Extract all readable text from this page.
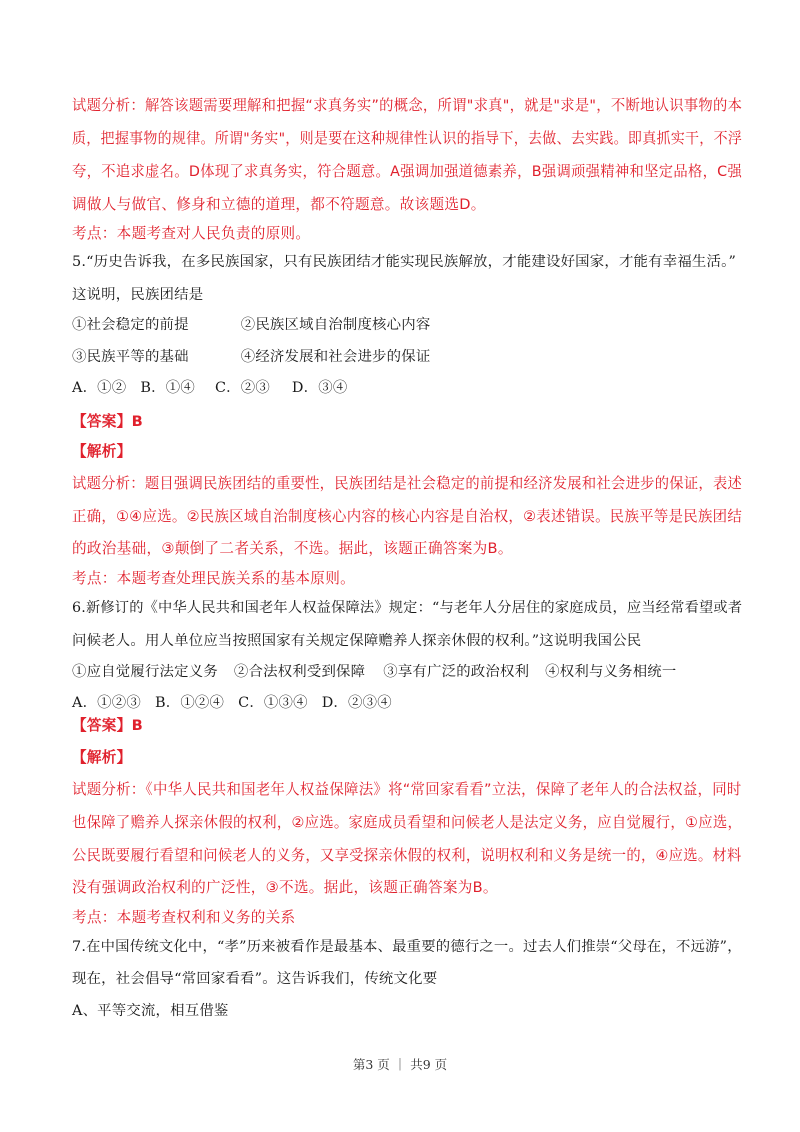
试题分析：解答该题需要理解和把握“求真务实”的概念，所谓"求真"，就是"求是"，不断地认识事物的本
质，把握事物的规律。所谓"务实"，则是要在这种规律性认识的指导下，去做、去实践。即真抓实干，不浮
夸，不追求虚名。D体现了求真务实，符合题意。A强调加强道德素养，B强调顽强精神和坚定品格，C强
调做人与做官、修身和立德的道理，都不符题意。故该题选D。
考点：本题考查对人民负责的原则。
5.“历史告诉我，在多民族国家，只有民族团结才能实现民族解放，才能建设好国家，才能有幸福生活。”
这说明，民族团结是
①社会稳定的前提	②民族区域自治制度核心内容
③民族平等的基础	④经济发展和社会进步的保证
A．①② B．①④ C．②③ D．③④
【答案】B
【解析】
试题分析：题目强调民族团结的重要性，民族团结是社会稳定的前提和经济发展和社会进步的保证，表述
正确，①④应选。②民族区域自治制度核心内容的核心内容是自治权，②表述错误。民族平等是民族团结
的政治基础，③颠倒了二者关系，不选。据此，该题正确答案为B。
考点：本题考查处理民族关系的基本原则。
6.新修订的《中华人民共和国老年人权益保障法》规定：“与老年人分居住的家庭成员，应当经常看望或者
问候老人。用人单位应当按照国家有关规定保障赡养人探亲休假的权利。”这说明我国公民
①应自觉履行法定义务 ②合法权利受到保障 ③享有广泛的政治权利 ④权利与义务相统一
A．①②③ B．①②④ C．①③④ D．②③④
【答案】B
【解析】
试题分析：《中华人民共和国老年人权益保障法》将“常回家看看”立法，保障了老年人的合法权益，同时
也保障了赡养人探亲休假的权利，②应选。家庭成员看望和问候老人是法定义务，应自觉履行，①应选，
公民既要履行看望和问候老人的义务，又享受探亲休假的权利，说明权利和义务是统一的，④应选。材料
没有强调政治权利的广泛性，③不选。据此，该题正确答案为B。
考点：本题考查权利和义务的关系
7.在中国传统文化中，“孝”历来被看作是最基本、最重要的德行之一。过去人们推崇“父母在，不远游”，
现在，社会倡导“常回家看看”。这告诉我们，传统文化要
A、平等交流，相互借鉴
第3 页 ｜ 共9 页
